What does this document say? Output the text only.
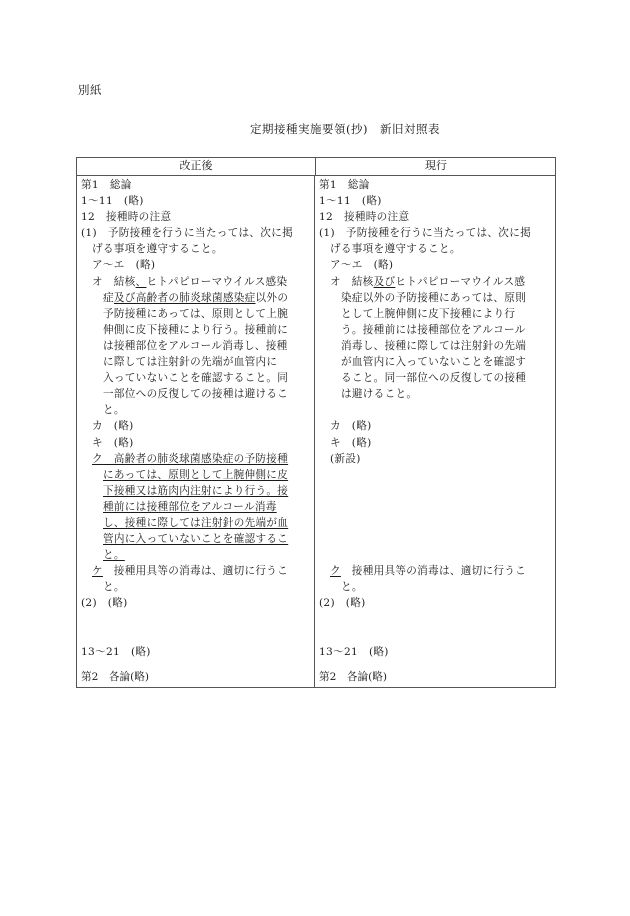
別紙
定期接種実施要領(抄)　新旧対照表
改正後	現行
第1　総論
1〜11　(略)
12　接種時の注意
(1)　予防接種を行うに当たっては、次に掲
げる事項を遵守すること。
ア〜エ　(略)
オ　結核、ヒトパピローマウイルス感染
症及び高齢者の肺炎球菌感染症以外の
予防接種にあっては、原則として上腕
伸側に皮下接種により行う。接種前に
は接種部位をアルコール消毒し、接種
に際しては注射針の先端が血管内に
入っていないことを確認すること。同
一部位への反復しての接種は避けるこ
と。
カ　(略)
キ　(略)
ク　高齢者の肺炎球菌感染症の予防接種
にあっては、原則として上腕伸側に皮
下接種又は筋肉内注射により行う。接
種前には接種部位をアルコール消毒
し、接種に際しては注射針の先端が血
管内に入っていないことを確認するこ
と。
ケ　接種用具等の消毒は、適切に行うこ
と。
(2)　(略)
13〜21　(略)
第2　各論(略)
第1　総論
1〜11　(略)
12　接種時の注意
(1)　予防接種を行うに当たっては、次に掲
げる事項を遵守すること。
ア〜エ　(略)
オ　結核及びヒトパピローマウイルス感
染症以外の予防接種にあっては、原則
として上腕伸側に皮下接種により行
う。接種前には接種部位をアルコール
消毒し、接種に際しては注射針の先端
が血管内に入っていないことを確認す
ること。同一部位への反復しての接種
は避けること。
カ　(略)
キ　(略)
(新設)
ク　接種用具等の消毒は、適切に行うこ
と。
(2)　(略)
13〜21　(略)
第2　各論(略)
